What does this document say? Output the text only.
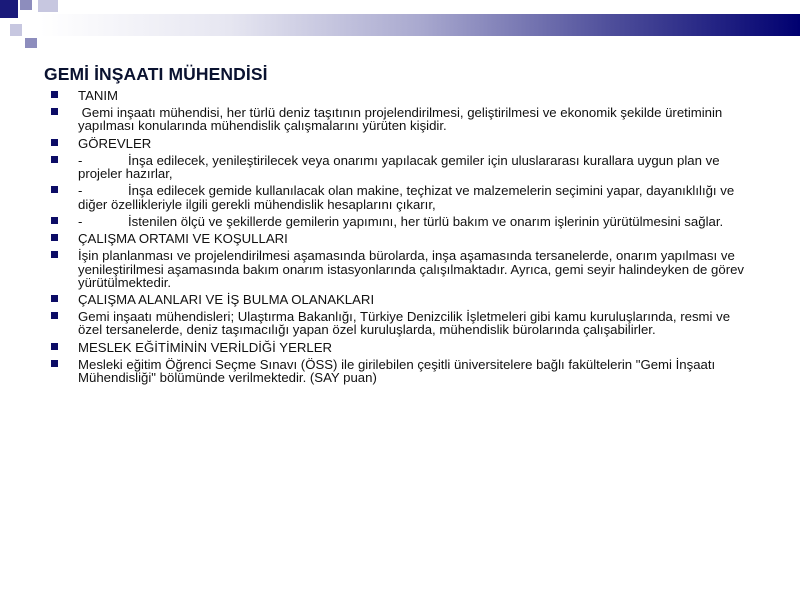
GEMİ İNŞAATI MÜHENDİSİ
TANIM
Gemi inşaatı mühendisi, her türlü deniz taşıtının projelendirilmesi, geliştirilmesi ve ekonomik şekilde üretiminin yapılması konularında mühendislik çalışmalarını yürüten kişidir.
GÖREVLER
-	İnşa edilecek, yenileştirilecek veya onarımı yapılacak gemiler için uluslararası kurallara uygun plan ve projeler hazırlar,
-	İnşa edilecek gemide kullanılacak olan makine, teçhizat ve malzemelerin seçimini yapar, dayanıklılığı ve diğer özellikleriyle ilgili gerekli mühendislik hesaplarını çıkarır,
-	İstenilen ölçü ve şekillerde gemilerin yapımını, her türlü bakım ve onarım işlerinin yürütülmesini sağlar.
ÇALIŞMA ORTAMI VE KOŞULLARI
İşin planlanması ve projelendirilmesi aşamasında bürolarda, inşa aşamasında tersanelerde, onarım yapılması ve yenileştirilmesi aşamasında bakım onarım istasyonlarında çalışılmaktadır. Ayrıca, gemi seyir halindeyken de görev yürütülmektedir.
ÇALIŞMA ALANLARI VE İŞ BULMA OLANAKLARI
Gemi inşaatı mühendisleri; Ulaştırma Bakanlığı, Türkiye Denizcilik İşletmeleri gibi kamu kuruluşlarında, resmi ve özel tersanelerde, deniz taşımacılığı yapan özel kuruluşlarda, mühendislik bürolarında çalışabilirler.
MESLEK EĞİTİMİNİN VERİLDİĞİ YERLER
Mesleki eğitim Öğrenci Seçme Sınavı (ÖSS) ile girilebilen çeşitli üniversitelere bağlı fakültelerin "Gemi İnşaatı Mühendisliği" bölümünde verilmektedir. (SAY puan)
